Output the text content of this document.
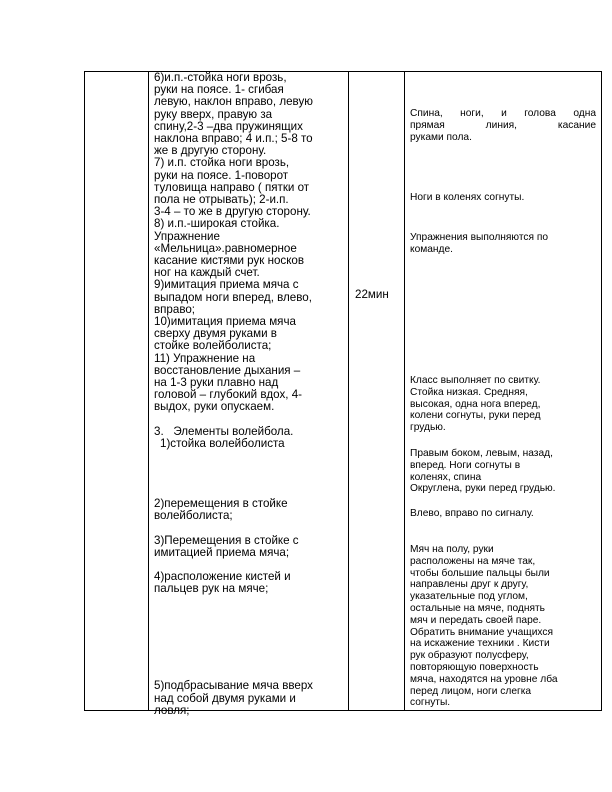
6)и.п.-стойка ноги врозь,

руки на поясе. 1- сгибая

левую, наклон вправо, левую

руку вверх, правую за

спину,2-3 –два пружинящих

наклона вправо; 4 и.п.; 5-8 то

же в другую сторону.

7) и.п. стойка ноги врозь,

руки на поясе. 1-поворот

туловища направо ( пятки от

пола не отрывать); 2-и.п.

3-4 – то же в другую сторону.

8) и.п.-широкая стойка.

Упражнение

«Мельница».равномерное

касание кистями рук носков

ног на каждый счет.

9)имитация приема мяча с

выпадом ноги вперед, влево,

вправо;

10)имитация приема мяча

сверху двумя руками в

стойке волейболиста;

11) Упражнение на

восстановление дыхания –

на 1-3 руки плавно над

головой – глубокий вдох, 4-

выдох, руки опускаем.

3.   Элементы волейбола.

1)стойка волейболиста

2)перемещения в стойке

волейболиста;

3)Перемещения в стойке с

имитацией приема мяча;

4)расположение кистей и

пальцев рук на мяче;

5)подбрасывание мяча вверх

над собой двумя руками и

ловля;

22мин

Спина, ноги, и голова одна

прямая линия, касание

руками пола.

Ноги в коленях согнуты.

Упражнения выполняются по

команде.

Класс выполняет по свитку.

Стойка низкая. Средняя,

высокая, одна нога вперед,

колени согнуты, руки перед

грудью.

Правым боком, левым, назад,

вперед. Ноги согнуты в

коленях, спина

Округлена, руки перед грудью.

Влево, вправо по сигналу.

Мяч на полу, руки

расположены на мяче так,

чтобы большие пальцы были

направлены друг к другу,

указательные под углом,

остальные на мяче, поднять

мяч и передать своей паре.

Обратить внимание учащихся

на искажение техники . Кисти

рук образуют полусферу,

повторяющую поверхность

мяча, находятся на уровне лба

перед лицом, ноги слегка

согнуты.
